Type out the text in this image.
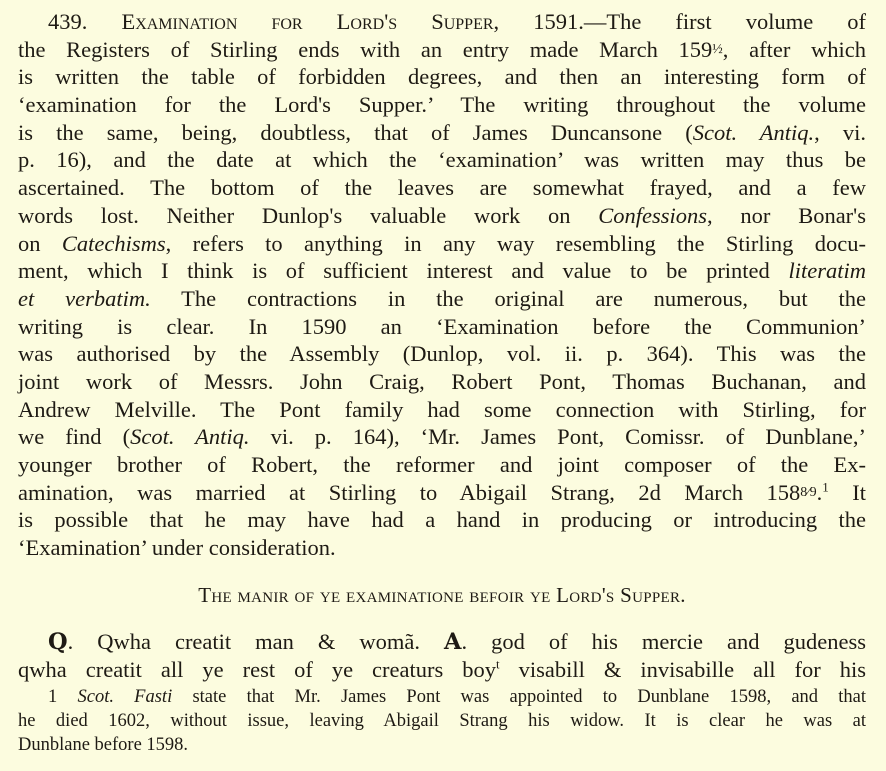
439. Examination for Lord's Supper, 1591.—The first volume of
the Registers of Stirling ends with an entry made March 159½, after which
is written the table of forbidden degrees, and then an interesting form of
‘examination for the Lord's Supper.’ The writing throughout the volume
is the same, being, doubtless, that of James Duncansone (Scot. Antiq., vi.
p. 16), and the date at which the ‘examination’ was written may thus be
ascertained. The bottom of the leaves are somewhat frayed, and a few
words lost. Neither Dunlop's valuable work on Confessions, nor Bonar's
on Catechisms, refers to anything in any way resembling the Stirling docu-
ment, which I think is of sufficient interest and value to be printed literatim
et verbatim. The contractions in the original are numerous, but the
writing is clear. In 1590 an ‘Examination before the Communion’
was authorised by the Assembly (Dunlop, vol. ii. p. 364). This was the
joint work of Messrs. John Craig, Robert Pont, Thomas Buchanan, and
Andrew Melville. The Pont family had some connection with Stirling, for
we find (Scot. Antiq. vi. p. 164), ‘Mr. James Pont, Comissr. of Dunblane,’
younger brother of Robert, the reformer and joint composer of the Ex-
amination, was married at Stirling to Abigail Strang, 2d March 1588⁄9.$^1$ It
is possible that he may have had a hand in producing or introducing the
‘Examination’ under consideration.
The manir of ye examinatione befoir ye Lord's Supper.
Q. Qwha creatit man & womã. A. god of his mercie and gudeness
qwha creatit all ye rest of ye creaturs boy$^t$ visabill & invisabille all for his
1 Scot. Fasti state that Mr. James Pont was appointed to Dunblane 1598, and that
he died 1602, without issue, leaving Abigail Strang his widow. It is clear he was at
Dunblane before 1598.
